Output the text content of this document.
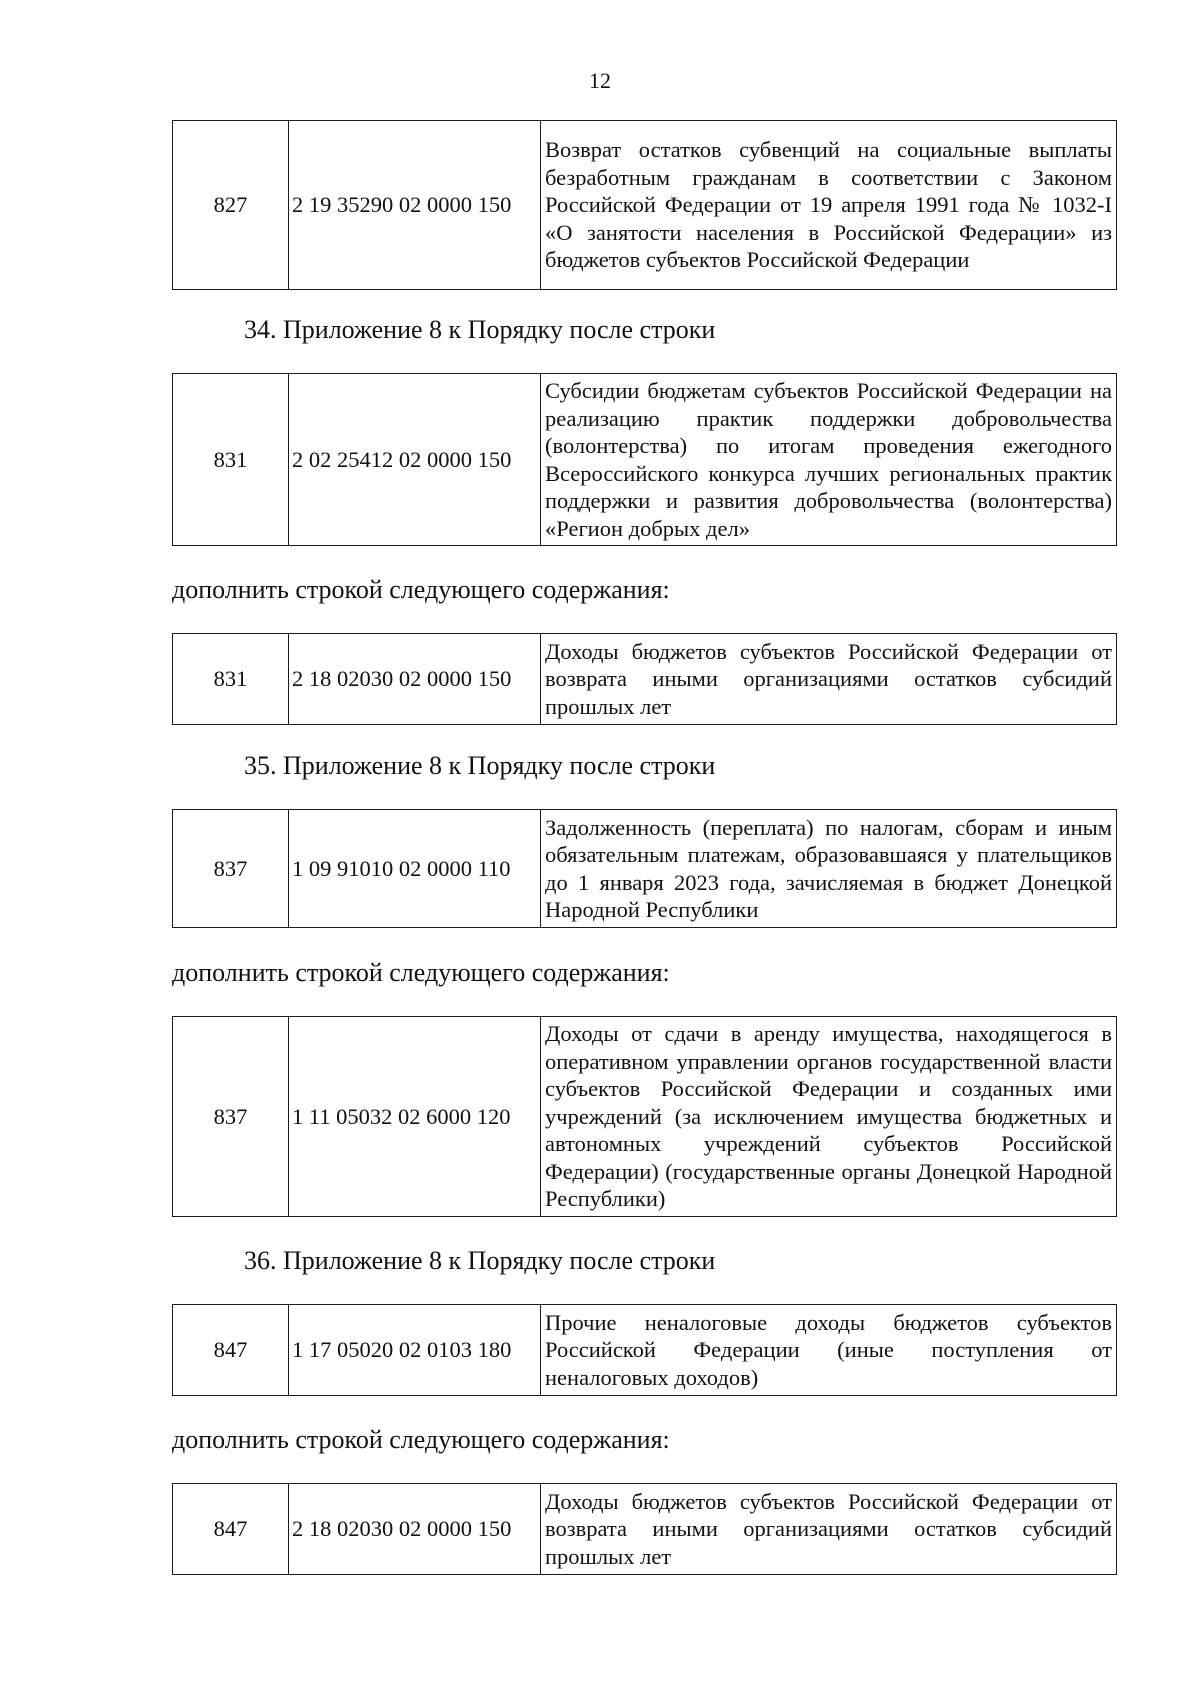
12
827	2 19 35290 02 0000 150	Возврат остатков субвенций на социальные выплаты безработным гражданам в соответствии с Законом Российской Федерации от 19 апреля 1991 года № 1032-I «О занятости населения в Российской Федерации» из бюджетов субъектов Российской Федерации
34. Приложение 8 к Порядку после строки
831	2 02 25412 02 0000 150	Субсидии бюджетам субъектов Российской Федерации на реализацию практик поддержки добровольчества (волонтерства) по итогам проведения ежегодного Всероссийского конкурса лучших региональных практик поддержки и развития добровольчества (волонтерства) «Регион добрых дел»
дополнить строкой следующего содержания:
831	2 18 02030 02 0000 150	Доходы бюджетов субъектов Российской Федерации от возврата иными организациями остатков субсидий прошлых лет
35. Приложение 8 к Порядку после строки
837	1 09 91010 02 0000 110	Задолженность (переплата) по налогам, сборам и иным обязательным платежам, образовавшаяся у плательщиков до 1 января 2023 года, зачисляемая в бюджет Донецкой Народной Республики
дополнить строкой следующего содержания:
837	1 11 05032 02 6000 120	Доходы от сдачи в аренду имущества, находящегося в оперативном управлении органов государственной власти субъектов Российской Федерации и созданных ими учреждений (за исключением имущества бюджетных и автономных учреждений субъектов Российской Федерации) (государственные органы Донецкой Народной Республики)
36. Приложение 8 к Порядку после строки
847	1 17 05020 02 0103 180	Прочие неналоговые доходы бюджетов субъектов Российской Федерации (иные поступления от неналоговых доходов)
дополнить строкой следующего содержания:
847	2 18 02030 02 0000 150	Доходы бюджетов субъектов Российской Федерации от возврата иными организациями остатков субсидий прошлых лет
